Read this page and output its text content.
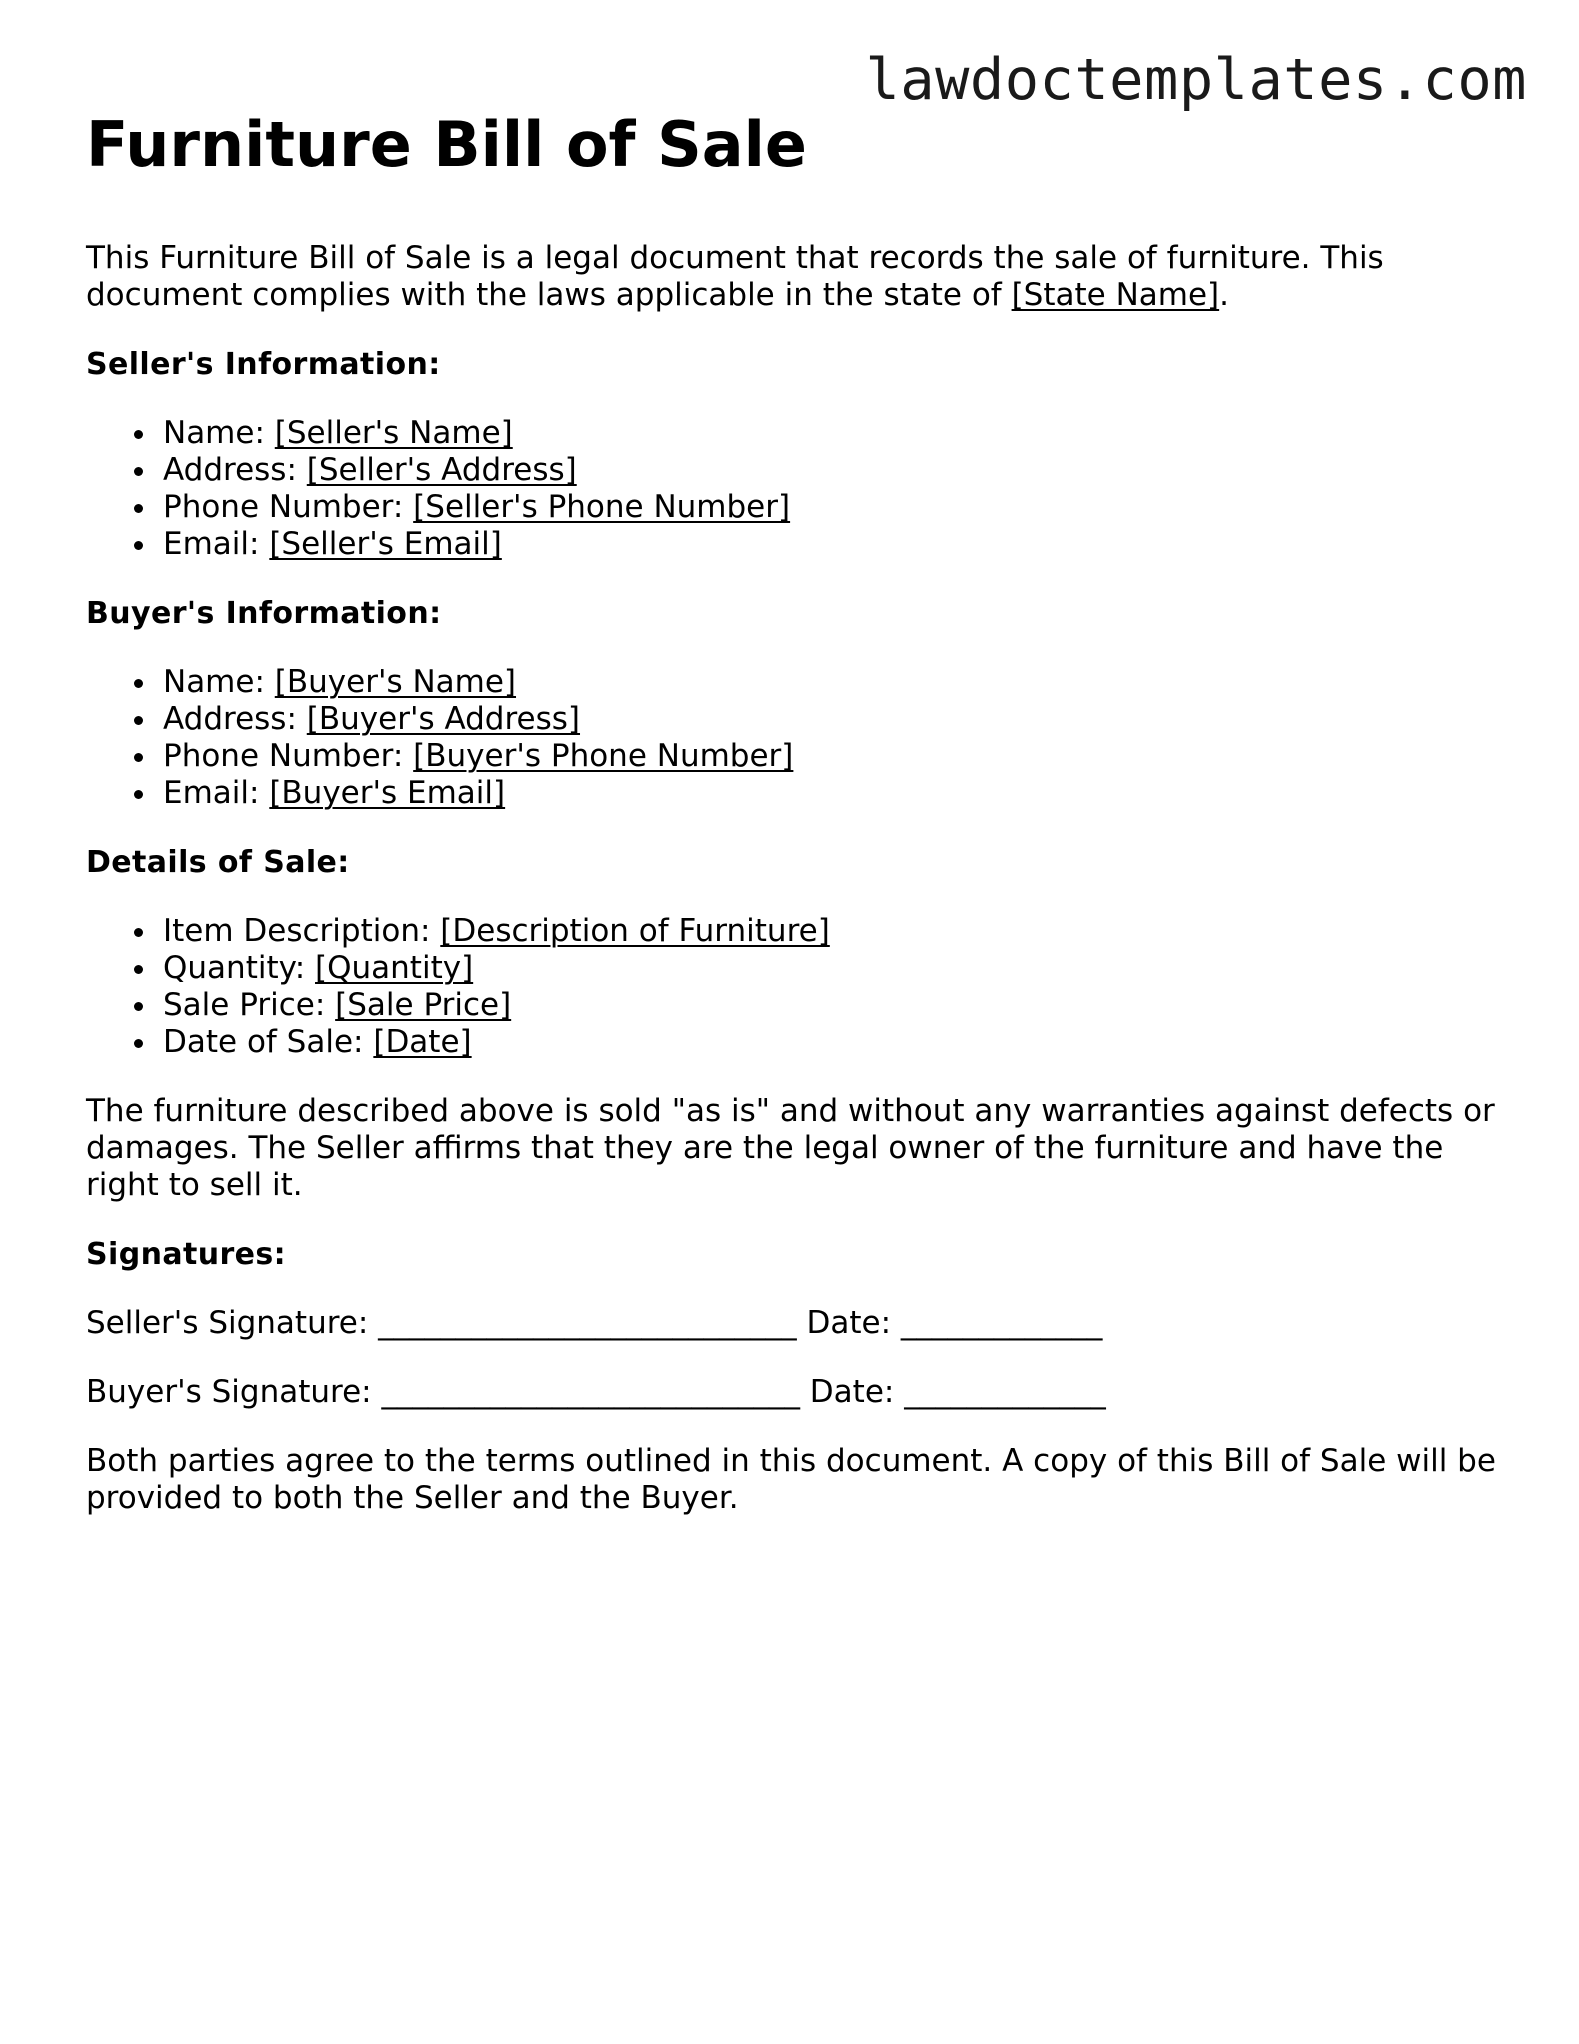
lawdoctemplates.com
Furniture Bill of Sale

This Furniture Bill of Sale is a legal document that records the sale of furniture. This document complies with the laws applicable in the state of [State Name].

Seller's Information:

Name: [Seller's Name]
Address: [Seller's Address]
Phone Number: [Seller's Phone Number]
Email: [Seller's Email]

Buyer's Information:

Name: [Buyer's Name]
Address: [Buyer's Address]
Phone Number: [Buyer's Phone Number]
Email: [Buyer's Email]

Details of Sale:

Item Description: [Description of Furniture]
Quantity: [Quantity]
Sale Price: [Sale Price]
Date of Sale: [Date]

The furniture described above is sold "as is" and without any warranties against defects or damages. The Seller affirms that they are the legal owner of the furniture and have the right to sell it.

Signatures:

Seller's Signature: ___________________________ Date: _____________

Buyer's Signature: ___________________________ Date: _____________

Both parties agree to the terms outlined in this document. A copy of this Bill of Sale will be provided to both the Seller and the Buyer.
